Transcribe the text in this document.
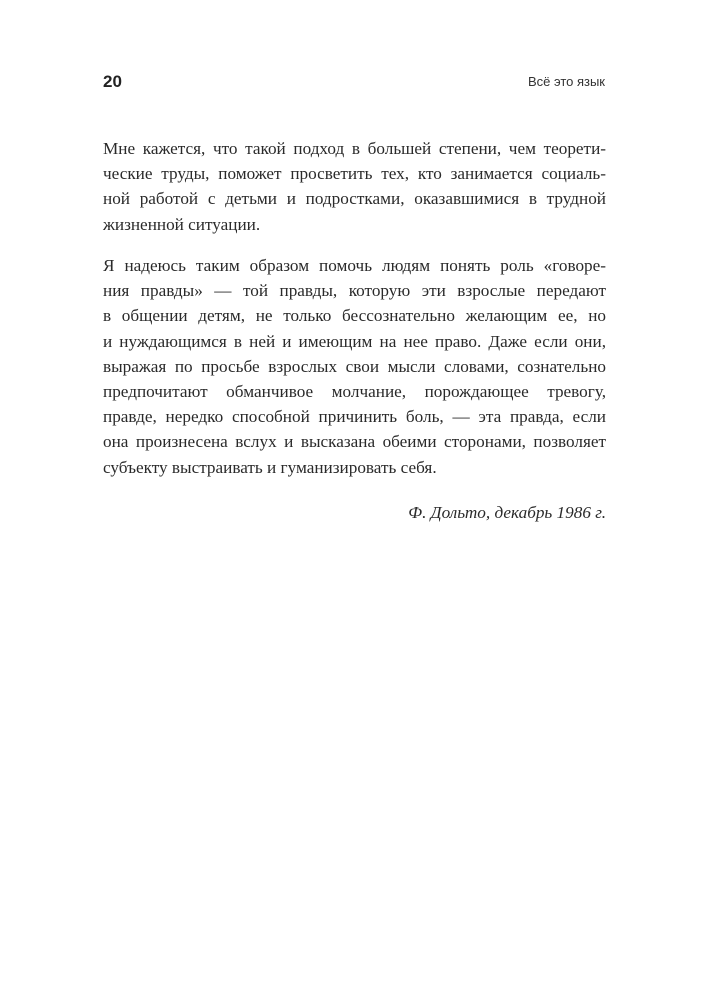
20	Всё это язык
Мне кажется, что такой подход в большей степени, чем теорети-
ческие труды, поможет просветить тех, кто занимается социаль-
ной работой с детьми и подростками, оказавшимися в трудной
жизненной ситуации.
Я надеюсь таким образом помочь людям понять роль «говоре-
ния правды» — той правды, которую эти взрослые передают
в общении детям, не только бессознательно желающим ее, но
и нуждающимся в ней и имеющим на нее право. Даже если они,
выражая по просьбе взрослых свои мысли словами, сознательно
предпочитают обманчивое молчание, порождающее тревогу,
правде, нередко способной причинить боль, — эта правда, если
она произнесена вслух и высказана обеими сторонами, позволяет
субъекту выстраивать и гуманизировать себя.
Ф. Дольто, декабрь 1986 г.
